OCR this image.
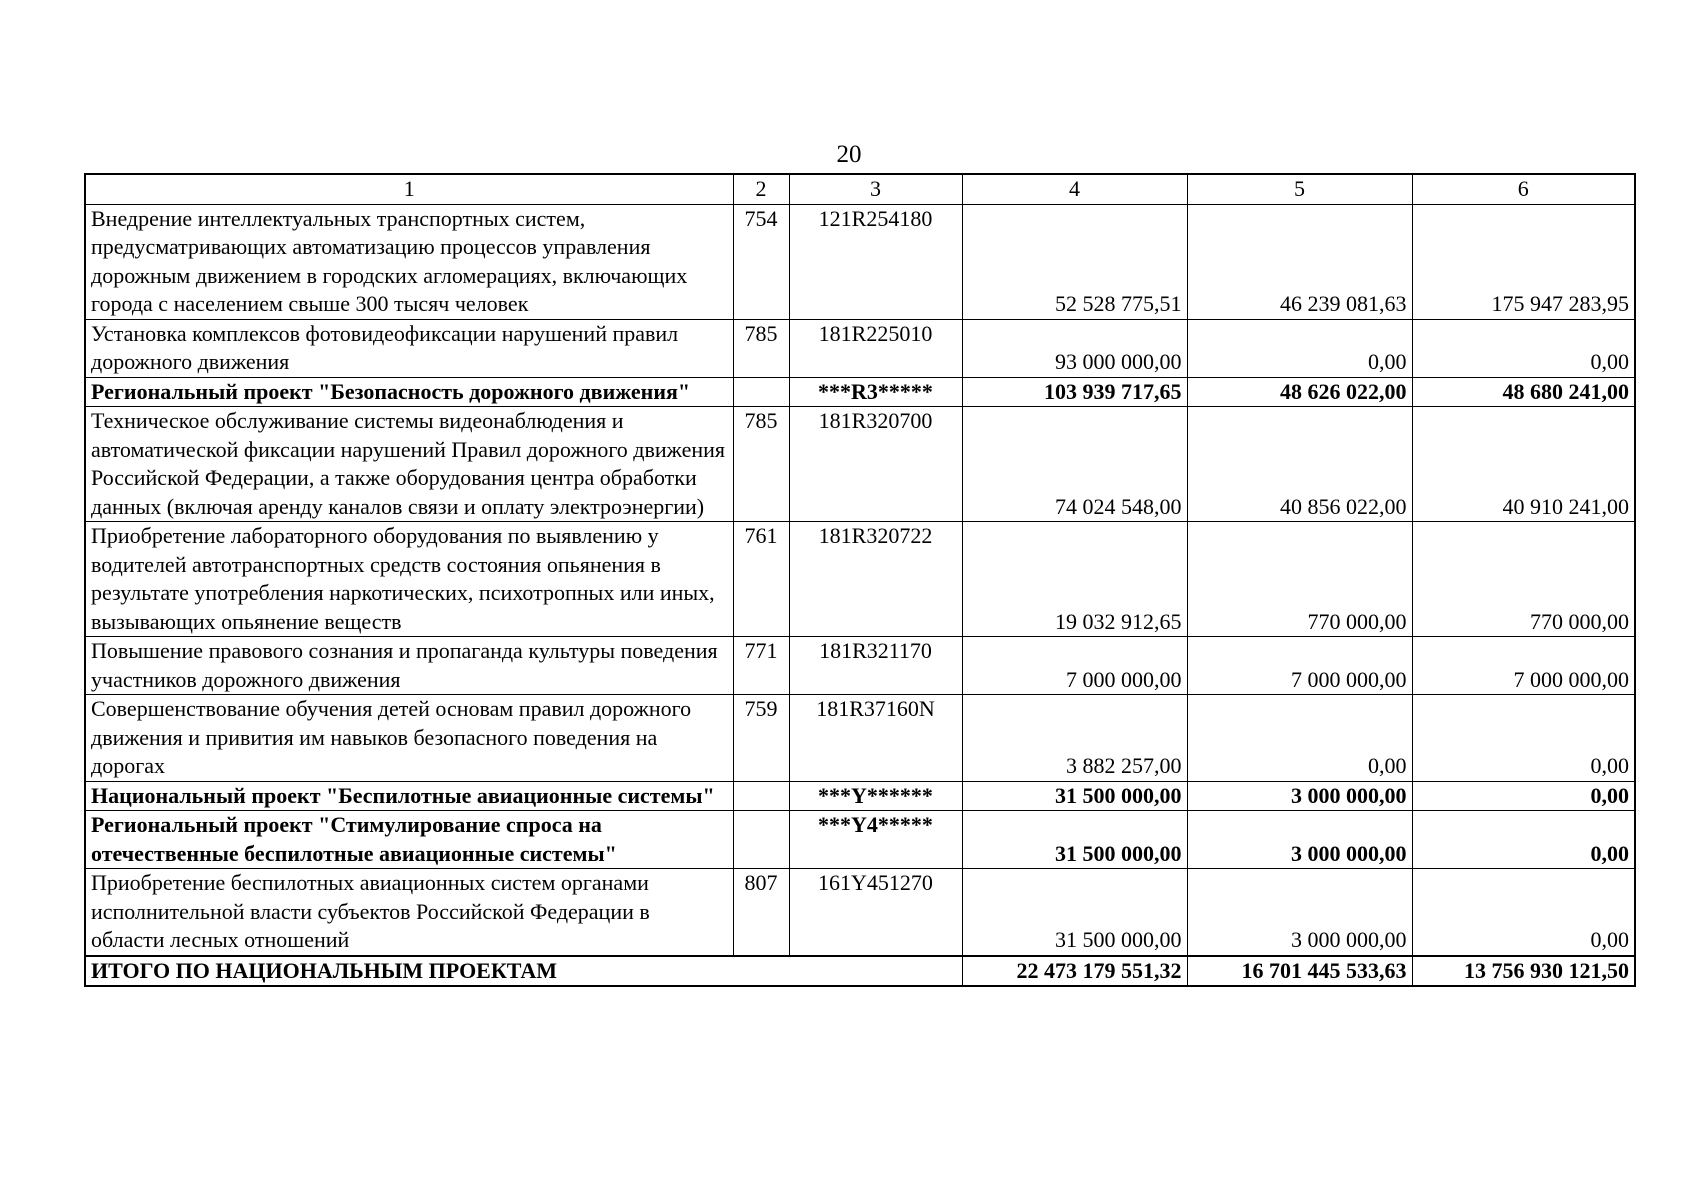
20
1	2	3	4	5	6
Внедрение интеллектуальных транспортных систем, предусматривающих автоматизацию процессов управления дорожным движением в городских агломерациях, включающих города с населением свыше 300 тысяч человек	754	121R254180	52 528 775,51	46 239 081,63	175 947 283,95
Установка комплексов фотовидеофиксации нарушений правил дорожного движения	785	181R225010	93 000 000,00	0,00	0,00
Региональный проект "Безопасность дорожного движения"		***R3*****	103 939 717,65	48 626 022,00	48 680 241,00
Техническое обслуживание системы видеонаблюдения и автоматической фиксации нарушений Правил дорожного движения Российской Федерации, а также оборудования центра обработки данных (включая аренду каналов связи и оплату электроэнергии)	785	181R320700	74 024 548,00	40 856 022,00	40 910 241,00
Приобретение лабораторного оборудования по выявлению у водителей автотранспортных средств состояния опьянения в результате употребления наркотических, психотропных или иных, вызывающих опьянение веществ	761	181R320722	19 032 912,65	770 000,00	770 000,00
Повышение правового сознания и пропаганда культуры поведения участников дорожного движения	771	181R321170	7 000 000,00	7 000 000,00	7 000 000,00
Совершенствование обучения детей основам правил дорожного движения и привития им навыков безопасного поведения на дорогах	759	181R37160N	3 882 257,00	0,00	0,00
Национальный проект "Беспилотные авиационные системы"		***Y******	31 500 000,00	3 000 000,00	0,00
Региональный проект "Стимулирование спроса на отечественные беспилотные авиационные системы"		***Y4*****	31 500 000,00	3 000 000,00	0,00
Приобретение беспилотных авиационных систем органами исполнительной власти субъектов Российской Федерации в области лесных отношений	807	161Y451270	31 500 000,00	3 000 000,00	0,00
ИТОГО ПО НАЦИОНАЛЬНЫМ ПРОЕКТАМ			22 473 179 551,32	16 701 445 533,63	13 756 930 121,50
